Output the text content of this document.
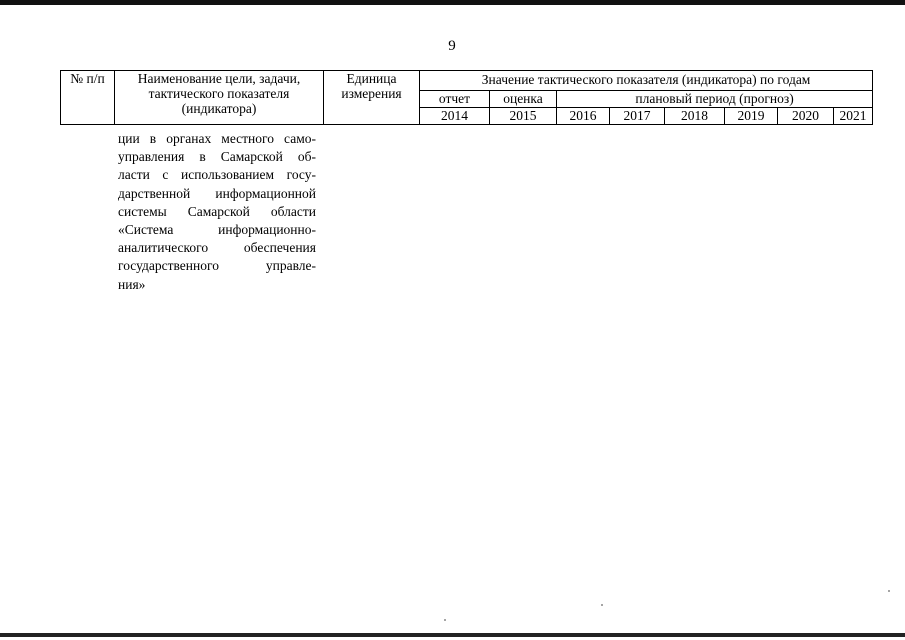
9
№ п/п	Наименование цели, задачи, тактического показателя (индикатора)	Единица измерения	Значение тактического показателя (индикатора) по годам							
			отчет	оценка	плановый период (прогноз)					
			2014	2015	2016	2017	2018	2019	2020	2021
ции в органах местного само-
управления в Самарской об-
ласти с использованием госу-
дарственной информационной
системы Самарской области
«Система информационно-
аналитического обеспечения
государственного управле-
ния»
